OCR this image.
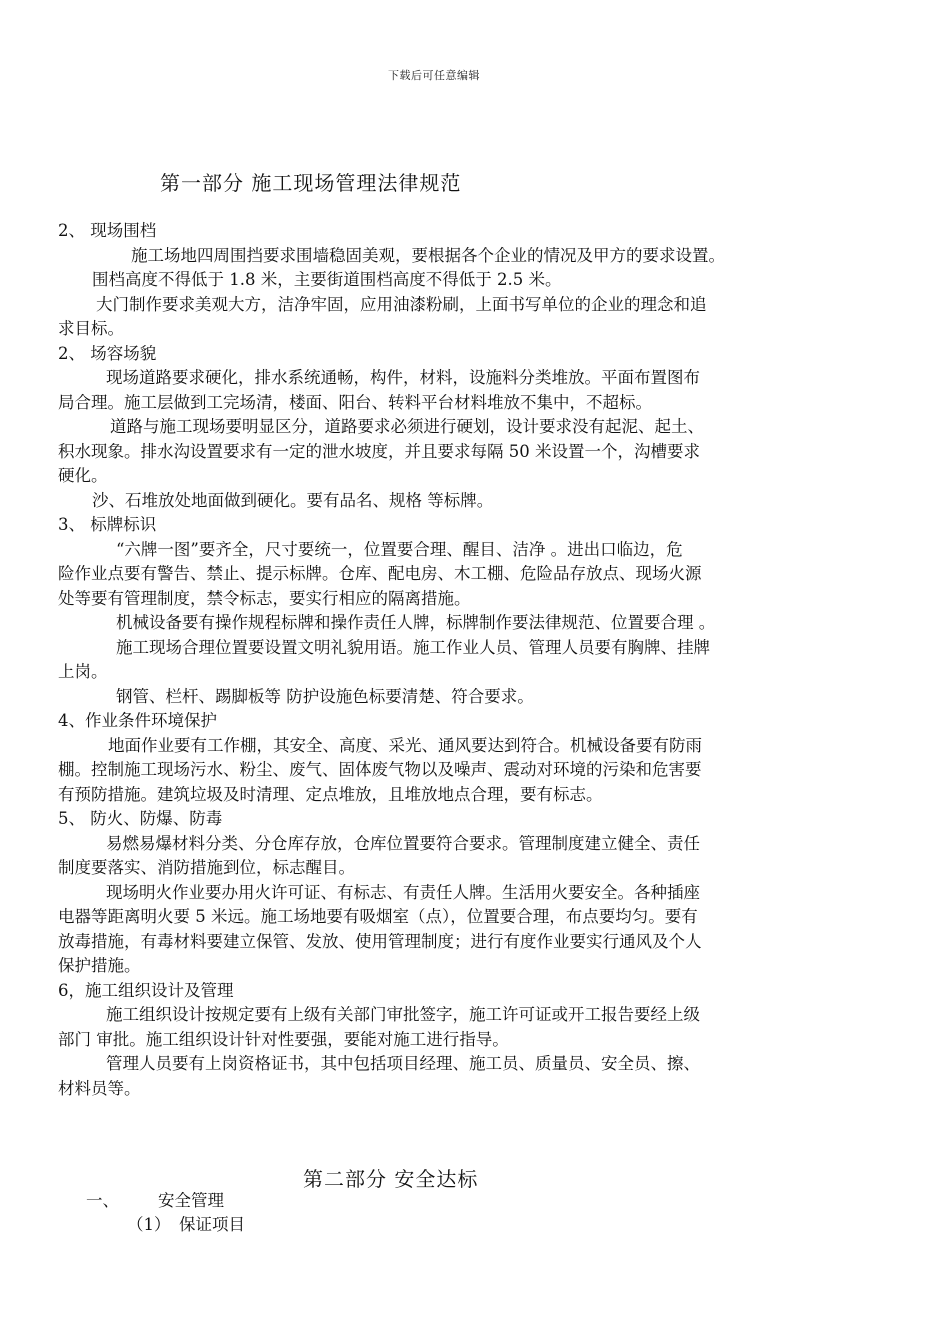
下载后可任意编辑
第一部分 施工现场管理法律规范
2、 现场围档
施工场地四周围挡要求围墙稳固美观，要根据各个企业的情况及甲方的要求设置。
围档高度不得低于 1.8 米，主要街道围档高度不得低于 2.5 米。
大门制作要求美观大方，洁净牢固，应用油漆粉刷，上面书写单位的企业的理念和追
求目标。
2、 场容场貌
现场道路要求硬化，排水系统通畅，构件，材料，设施料分类堆放。平面布置图布
局合理。施工层做到工完场清，楼面、阳台、转料平台材料堆放不集中，不超标。
道路与施工现场要明显区分，道路要求必须进行硬划，设计要求没有起泥、起土、
积水现象。排水沟设置要求有一定的泄水坡度，并且要求每隔 50 米设置一个，沟槽要求
硬化。
沙、石堆放处地面做到硬化。要有品名、规格 等标牌。
3、 标牌标识
“六牌一图”要齐全，尺寸要统一，位置要合理、醒目、洁净 。进出口临边，危
险作业点要有警告、禁止、提示标牌。仓库、配电房、木工棚、危险品存放点、现场火源
处等要有管理制度，禁令标志，要实行相应的隔离措施。
机械设备要有操作规程标牌和操作责任人牌，标牌制作要法律规范、位置要合理 。
施工现场合理位置要设置文明礼貌用语。施工作业人员、管理人员要有胸牌、挂牌
上岗。
钢管、栏杆、踢脚板等 防护设施色标要清楚、符合要求。
4、作业条件环境保护
地面作业要有工作棚，其安全、高度、采光、通风要达到符合。机械设备要有防雨
棚。控制施工现场污水、粉尘、废气、固体废气物以及噪声、震动对环境的污染和危害要
有预防措施。建筑垃圾及时清理、定点堆放，且堆放地点合理，要有标志。
5、 防火、防爆、防毒
易燃易爆材料分类、分仓库存放，仓库位置要符合要求。管理制度建立健全、责任
制度要落实、消防措施到位，标志醒目。
现场明火作业要办用火许可证、有标志、有责任人牌。生活用火要安全。各种插座
电器等距离明火要 5 米远。施工场地要有吸烟室（点），位置要合理，布点要均匀。要有
放毒措施，有毒材料要建立保管、发放、使用管理制度；进行有度作业要实行通风及个人
保护措施。
6，施工组织设计及管理
施工组织设计按规定要有上级有关部门审批签字，施工许可证或开工报告要经上级
部门 审批。施工组织设计针对性要强，要能对施工进行指导。
管理人员要有上岗资格证书，其中包括项目经理、施工员、质量员、安全员、擦、
材料员等。
第二部分 安全达标
一、 安全管理
（1） 保证项目
